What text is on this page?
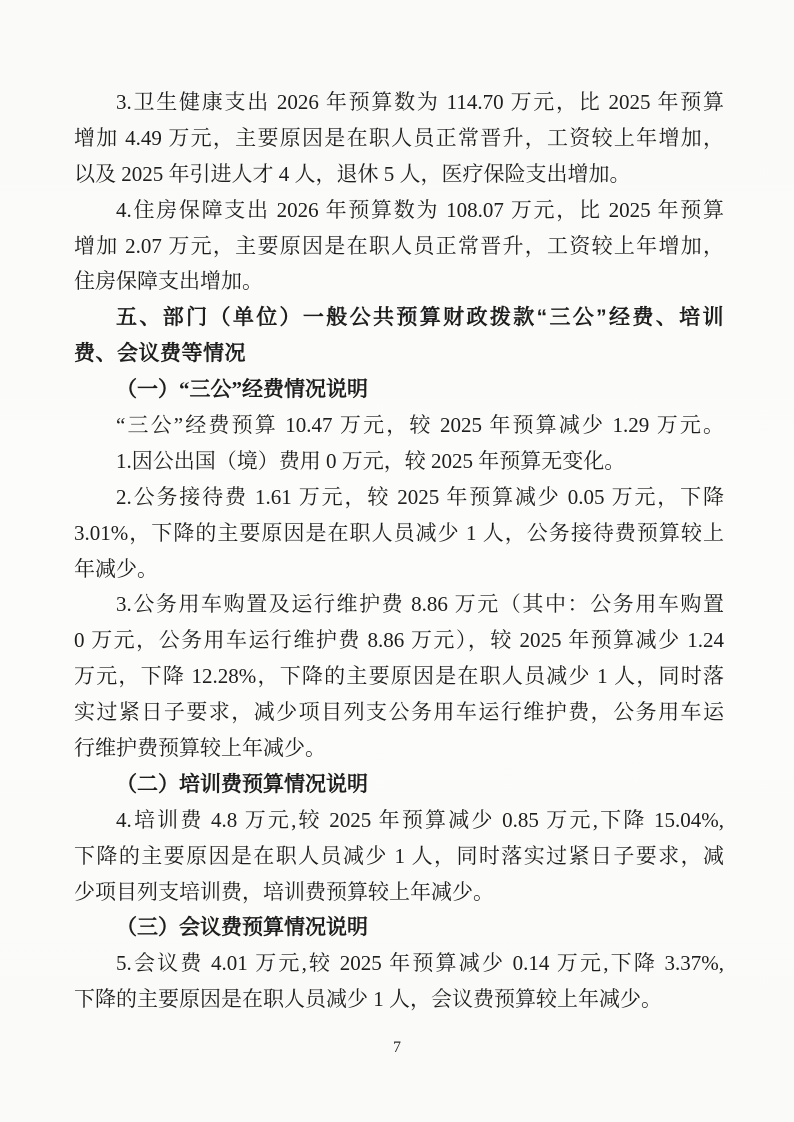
3.卫生健康支出 2026 年预算数为 114.70 万元，比 2025 年预算
增加 4.49 万元，主要原因是在职人员正常晋升，工资较上年增加，
以及 2025 年引进人才 4 人，退休 5 人，医疗保险支出增加。
4.住房保障支出 2026 年预算数为 108.07 万元，比 2025 年预算
增加 2.07 万元，主要原因是在职人员正常晋升，工资较上年增加，
住房保障支出增加。
五、部门（单位）一般公共预算财政拨款“三公”经费、培训
费、会议费等情况
（一）“三公”经费情况说明
“三公”经费预算 10.47 万元，较 2025 年预算减少 1.29 万元。
1.因公出国（境）费用 0 万元，较 2025 年预算无变化。
2.公务接待费 1.61 万元，较 2025 年预算减少 0.05 万元，下降
3.01%，下降的主要原因是在职人员减少 1 人，公务接待费预算较上
年减少。
3.公务用车购置及运行维护费 8.86 万元（其中：公务用车购置
0 万元，公务用车运行维护费 8.86 万元），较 2025 年预算减少 1.24
万元，下降 12.28%，下降的主要原因是在职人员减少 1 人，同时落
实过紧日子要求，减少项目列支公务用车运行维护费，公务用车运
行维护费预算较上年减少。
（二）培训费预算情况说明
4.培训费 4.8 万元,较 2025 年预算减少 0.85 万元,下降 15.04%,
下降的主要原因是在职人员减少 1 人，同时落实过紧日子要求，减
少项目列支培训费，培训费预算较上年减少。
（三）会议费预算情况说明
5.会议费 4.01 万元,较 2025 年预算减少 0.14 万元,下降 3.37%,
下降的主要原因是在职人员减少 1 人，会议费预算较上年减少。
7
